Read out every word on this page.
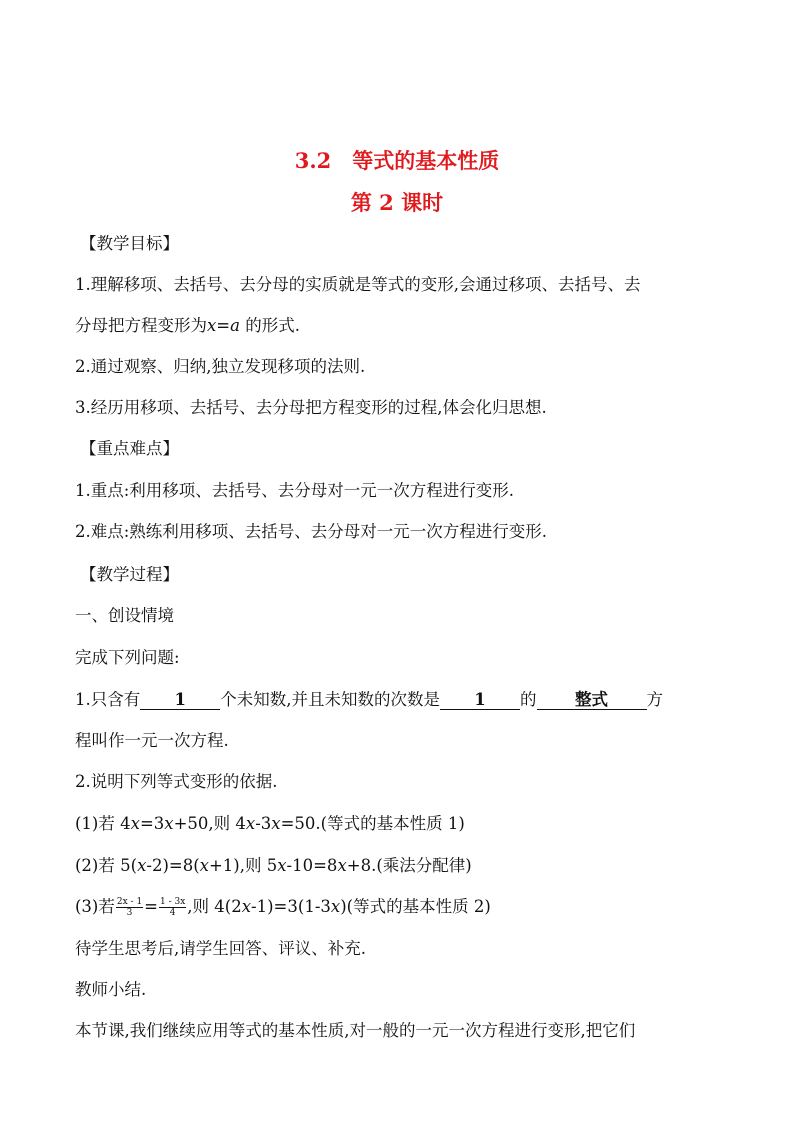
3.2　等式的基本性质
第 2 课时
【教学目标】
1.理解移项、去括号、去分母的实质就是等式的变形,会通过移项、去括号、去
分母把方程变形为x=a 的形式.
2.通过观察、归纳,独立发现移项的法则.
3.经历用移项、去括号、去分母把方程变形的过程,体会化归思想.
【重点难点】
1.重点:利用移项、去括号、去分母对一元一次方程进行变形.
2.难点:熟练利用移项、去括号、去分母对一元一次方程进行变形.
【教学过程】
一、创设情境
完成下列问题:
1.只含有 1 个未知数,并且未知数的次数是 1 的 整式 方
程叫作一元一次方程.
2.说明下列等式变形的依据.
(1)若 4x=3x+50,则 4x-3x=50.(等式的基本性质 1)
(2)若 5(x-2)=8(x+1),则 5x-10=8x+8.(乘法分配律)
(3)若 $\frac{2x - 1}{3} = \frac{1 - 3x}{4}$ ,则 4(2x-1)=3(1-3x)(等式的基本性质 2)
待学生思考后,请学生回答、评议、补充.
教师小结.
本节课,我们继续应用等式的基本性质,对一般的一元一次方程进行变形,把它们
